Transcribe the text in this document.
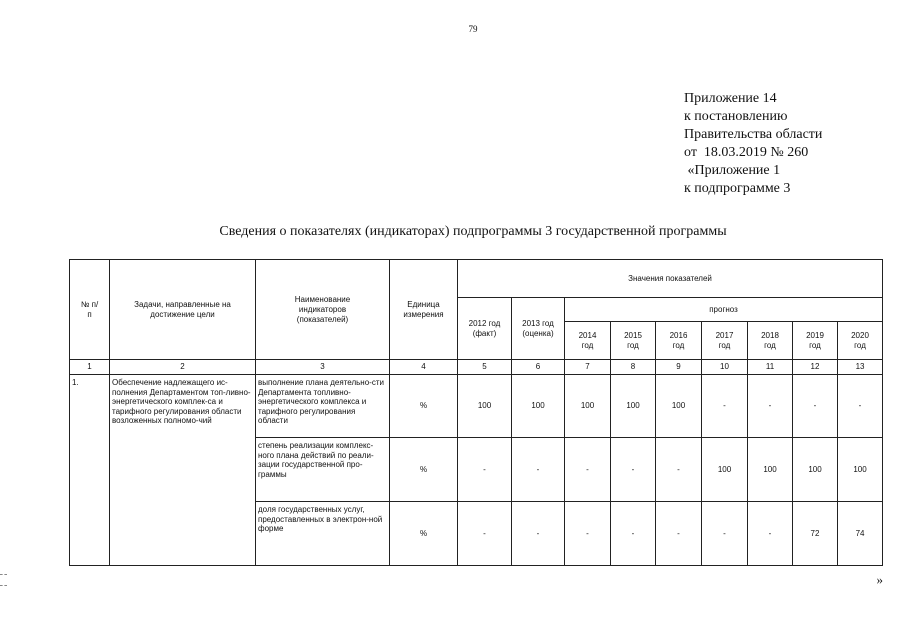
79
Приложение 14
к постановлению
Правительства области
от  18.03.2019 № 260
«Приложение 1
к подпрограмме 3
Сведения о показателях (индикаторах) подпрограммы 3 государственной программы
№ п/п	Задачи, направленные на достижение цели	Наименование индикаторов (показателей)	Единица измерения	Значения показателей								

				2012 год (факт)	2013 год (оценка)	прогноз						

						2014 год	2015 год	2016 год	2017 год	2018 год	2019 год	2020 год

1	2	3	4	5	6	7	8	9	10	11	12	13
1.	Обеспечение надлежащего ис-полнения Департаментом топ-ливно-энергетического комплек-са и тарифного регулирования области возложенных полномо-чий	выполнение плана деятельно-сти Департамента топливно-энергетического комплекса и тарифного регулирования области	%	100	100	100	100	100	-	-	-	-
		степень реализации комплекс-ного плана действий по реали-зации государственной про-граммы	%	-	-	-	-	-	100	100	100	100
		доля государственных услуг, предоставленных в электрон-ной форме	%	-	-	-	-	-	-	-	72	74
»
